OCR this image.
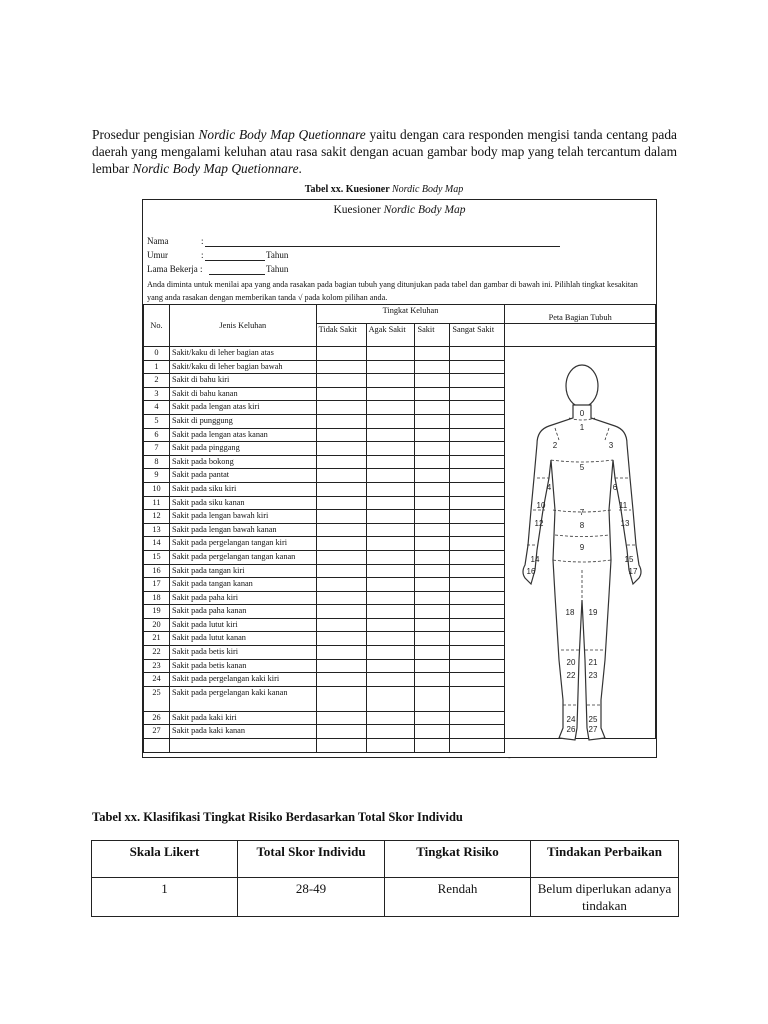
Prosedur pengisian Nordic Body Map Quetionnare yaitu dengan cara responden mengisi tanda centang pada daerah yang mengalami keluhan atau rasa sakit dengan acuan gambar body map yang telah tercantum dalam lembar Nordic Body Map Quetionnare.
Tabel xx. Kuesioner Nordic Body Map
Kuesioner Nordic Body Map
Nama	:
Umur	:	Tahun
Lama Bekerja :	Tahun
Anda diminta untuk menilai apa yang anda rasakan pada bagian tubuh yang ditunjukan pada tabel dan gambar di bawah ini. Pilihlah tingkat kesakitan yang anda rasakan dengan memberikan tanda √ pada kolom pilihan anda.
No.	Jenis Keluhan	Tingkat Keluhan				Peta Bagian Tubuh
		Tidak Sakit	Agak Sakit	Sakit	Sangat Sakit	
0	Sakit/kaku di leher bagian atas					
1	Sakit/kaku di leher bagian bawah					
2	Sakit di bahu kiri					
3	Sakit di bahu kanan					
4	Sakit pada lengan atas kiri					
5	Sakit di punggung					
6	Sakit pada lengan atas kanan					
7	Sakit pada pinggang					
8	Sakit pada bokong					
9	Sakit pada pantat					
10	Sakit pada siku kiri					
11	Sakit pada siku kanan					
12	Sakit pada lengan bawah kiri					
13	Sakit pada lengan bawah kanan					
14	Sakit pada pergelangan tangan kiri					
15	Sakit pada pergelangan tangan kanan					
16	Sakit pada tangan kiri					
17	Sakit pada tangan kanan					
18	Sakit pada paha kiri					
19	Sakit pada paha kanan					
20	Sakit pada lutut kiri					
21	Sakit pada lutut kanan					
22	Sakit pada betis kiri					
23	Sakit pada betis kanan					
24	Sakit pada pergelangan kaki kiri					
25	Sakit pada pergelangan kaki kanan					
26	Sakit pada kaki kiri					
27	Sakit pada kaki kanan					

0
1
2	3
4
5
6
7
8
9
10	11
12	13
14	15
16	17
18 19
20 21
22 23
24 25
26 27
-
Tabel xx. Klasifikasi Tingkat Risiko Berdasarkan Total Skor Individu
Skala Likert	Total Skor Individu	Tingkat Risiko	Tindakan Perbaikan
1	28-49	Rendah	Belum diperlukan adanya tindakan
